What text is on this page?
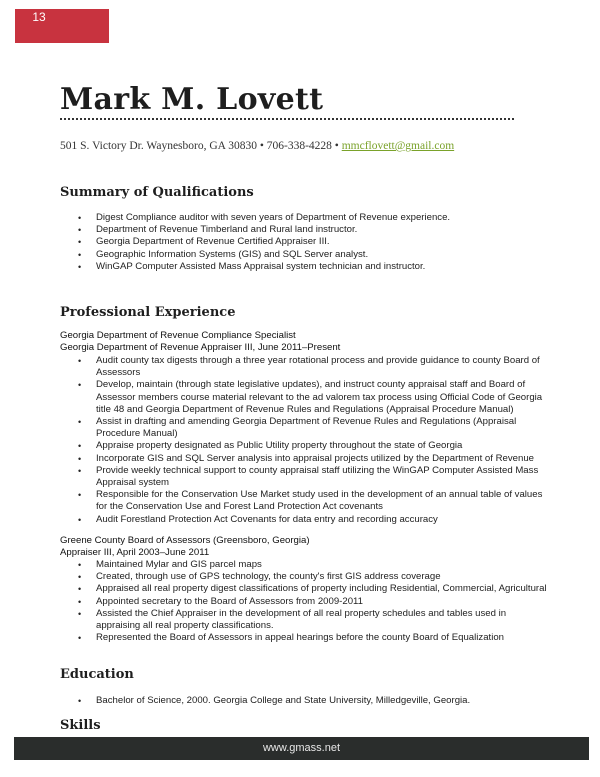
13
Mark M. Lovett
501 S. Victory Dr. Waynesboro, GA 30830 • 706-338-4228 • mmcflovett@gmail.com
Summary of Qualifications
• Digest Compliance auditor with seven years of Department of Revenue experience.
• Department of Revenue Timberland and Rural land instructor.
• Georgia Department of Revenue Certified Appraiser III.
• Geographic Information Systems (GIS) and SQL Server analyst.
• WinGAP Computer Assisted Mass Appraisal system technician and instructor.
Professional Experience
Georgia Department of Revenue Compliance Specialist
Georgia Department of Revenue Appraiser III, June 2011–Present
• Audit county tax digests through a three year rotational process and provide guidance to county Board of Assessors
• Develop, maintain (through state legislative updates), and instruct county appraisal staff and Board of Assessor members course material relevant to the ad valorem tax process using Official Code of Georgia title 48 and Georgia Department of Revenue Rules and Regulations (Appraisal Procedure Manual)
• Assist in drafting and amending Georgia Department of Revenue Rules and Regulations (Appraisal Procedure Manual)
• Appraise property designated as Public Utility property throughout the state of Georgia
• Incorporate GIS and SQL Server analysis into appraisal projects utilized by the Department of Revenue
• Provide weekly technical support to county appraisal staff utilizing the WinGAP Computer Assisted Mass Appraisal system
• Responsible for the Conservation Use Market study used in the development of an annual table of values for the Conservation Use and Forest Land Protection Act covenants
• Audit Forestland Protection Act Covenants for data entry and recording accuracy
Greene County Board of Assessors (Greensboro, Georgia)
Appraiser III, April 2003–June 2011
• Maintained Mylar and GIS parcel maps
• Created, through use of GPS technology, the county's first GIS address coverage
• Appraised all real property digest classifications of property including Residential, Commercial, Agricultural
• Appointed secretary to the Board of Assessors from 2009-2011
• Assisted the Chief Appraiser in the development of all real property schedules and tables used in appraising all real property classifications.
• Represented the Board of Assessors in appeal hearings before the county Board of Equalization
Education
• Bachelor of Science, 2000. Georgia College and State University, Milledgeville, Georgia.
Skills
www.gmass.net
